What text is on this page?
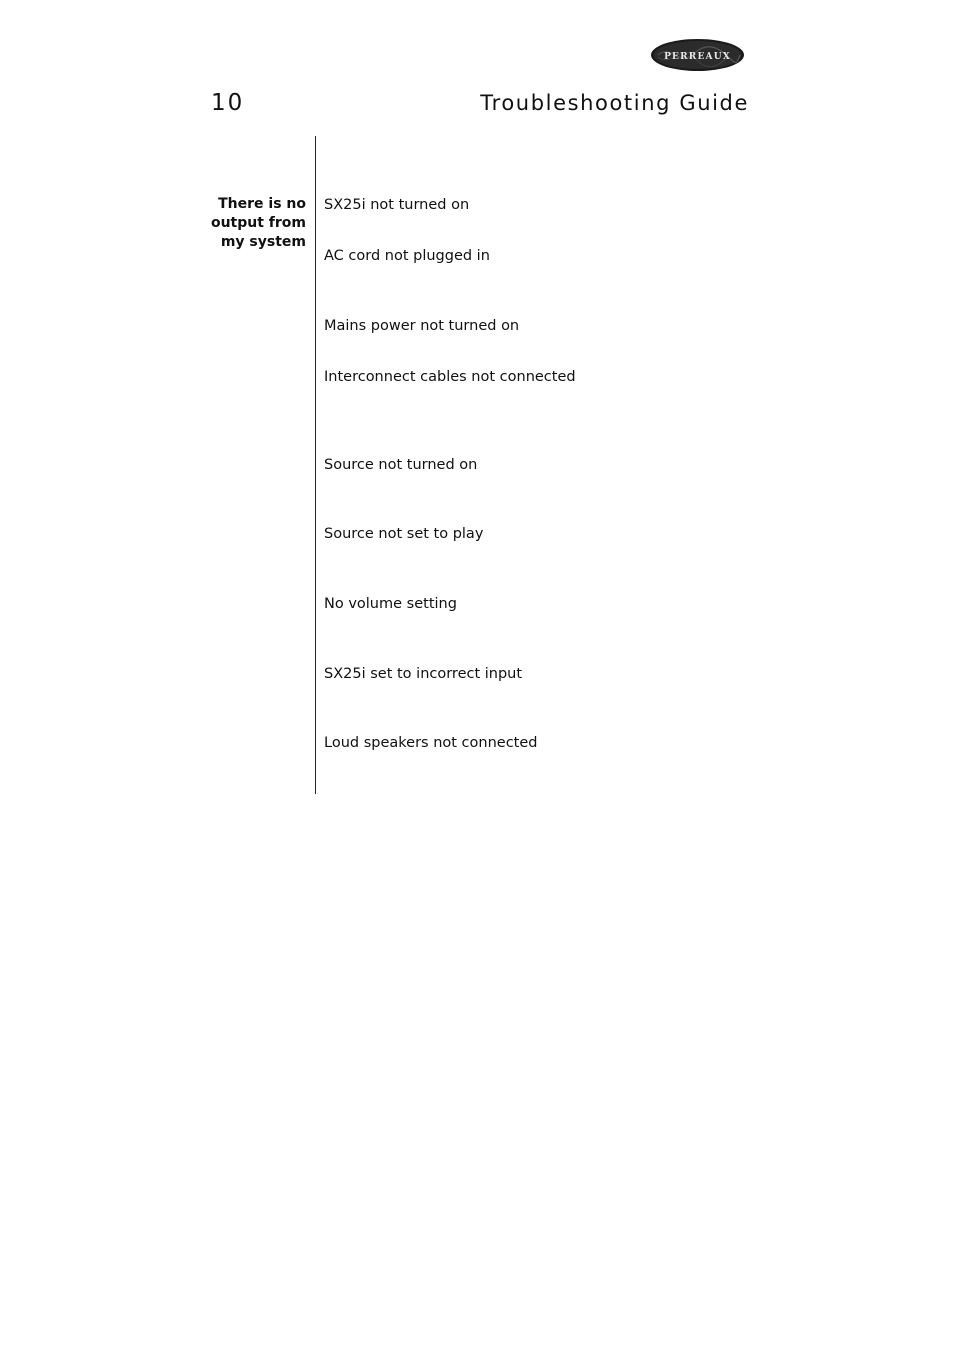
PERREAUX
10	Troubleshooting Guide
There is no
output from
my system
SX25i not turned on
AC cord not plugged in
Mains power not turned on
Interconnect cables not connected
Source not turned on
Source not set to play
No volume setting
SX25i set to incorrect input
Loud speakers not connected
